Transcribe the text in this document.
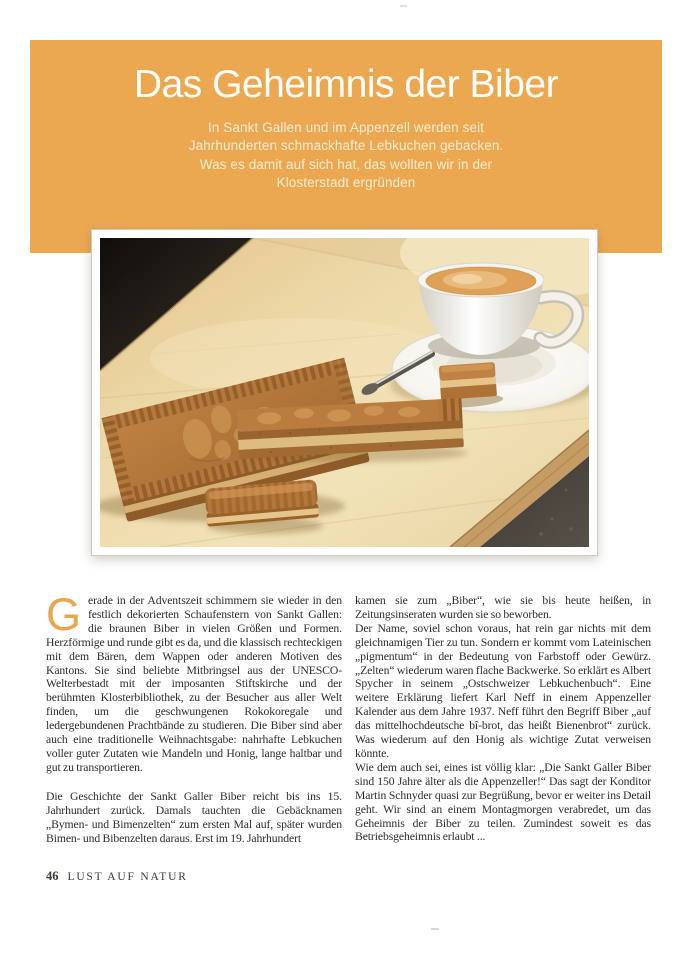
Das Geheimnis der Biber
In Sankt Gallen und im Appenzell werden seit
Jahrhunderten schmackhafte Lebkuchen gebacken.
Was es damit auf sich hat, das wollten wir in der
Klosterstadt ergründen

Gerade in der Adventszeit schimmern sie wieder in den festlich dekorierten Schaufenstern von Sankt Gallen: die braunen Biber in vielen Größen und Formen. Herzförmige und runde gibt es da, und die klassisch rechteckigen mit dem Bären, dem Wappen oder anderen Motiven des Kantons. Sie sind beliebte Mitbringsel aus der UNESCO-Welterbestadt mit der imposanten Stiftskirche und der berühmten Klosterbibliothek, zu der Besucher aus aller Welt finden, um die geschwungenen Rokokoregale und ledergebundenen Prachtbände zu studieren. Die Biber sind aber auch eine traditionelle Weihnachtsgabe: nahrhafte Lebkuchen voller guter Zutaten wie Mandeln und Honig, lange haltbar und gut zu transportieren.

Die Geschichte der Sankt Galler Biber reicht bis ins 15. Jahrhundert zurück. Damals tauchten die Gebäcknamen „Bymen- und Bimenzelten“ zum ersten Mal auf, später wurden Bimen- und Bibenzelten daraus. Erst im 19. Jahrhundert

kamen sie zum „Biber“, wie sie bis heute heißen, in Zeitungsinseraten wurden sie so beworben.

Der Name, soviel schon voraus, hat rein gar nichts mit dem gleichnamigen Tier zu tun. Sondern er kommt vom Lateinischen „pigmentum“ in der Bedeutung von Farbstoff oder Gewürz. „Zelten“ wiederum waren flache Backwerke. So erklärt es Albert Spycher in seinem „Ostschweizer Lebkuchenbuch“. Eine weitere Erklärung liefert Karl Neff in einem Appenzeller Kalender aus dem Jahre 1937. Neff führt den Begriff Biber „auf das mittelhochdeutsche bî-brot, das heißt Bienenbrot“ zurück. Was wiederum auf den Honig als wichtige Zutat verweisen könnte.

Wie dem auch sei, eines ist völlig klar: „Die Sankt Galler Biber sind 150 Jahre älter als die Appenzeller!“ Das sagt der Konditor Martin Schnyder quasi zur Begrüßung, bevor er weiter ins Detail geht. Wir sind an einem Montagmorgen verabredet, um das Geheimnis der Biber zu teilen. Zumindest soweit es das Betriebsgeheimnis erlaubt ...

46 LUST AUF NATUR
